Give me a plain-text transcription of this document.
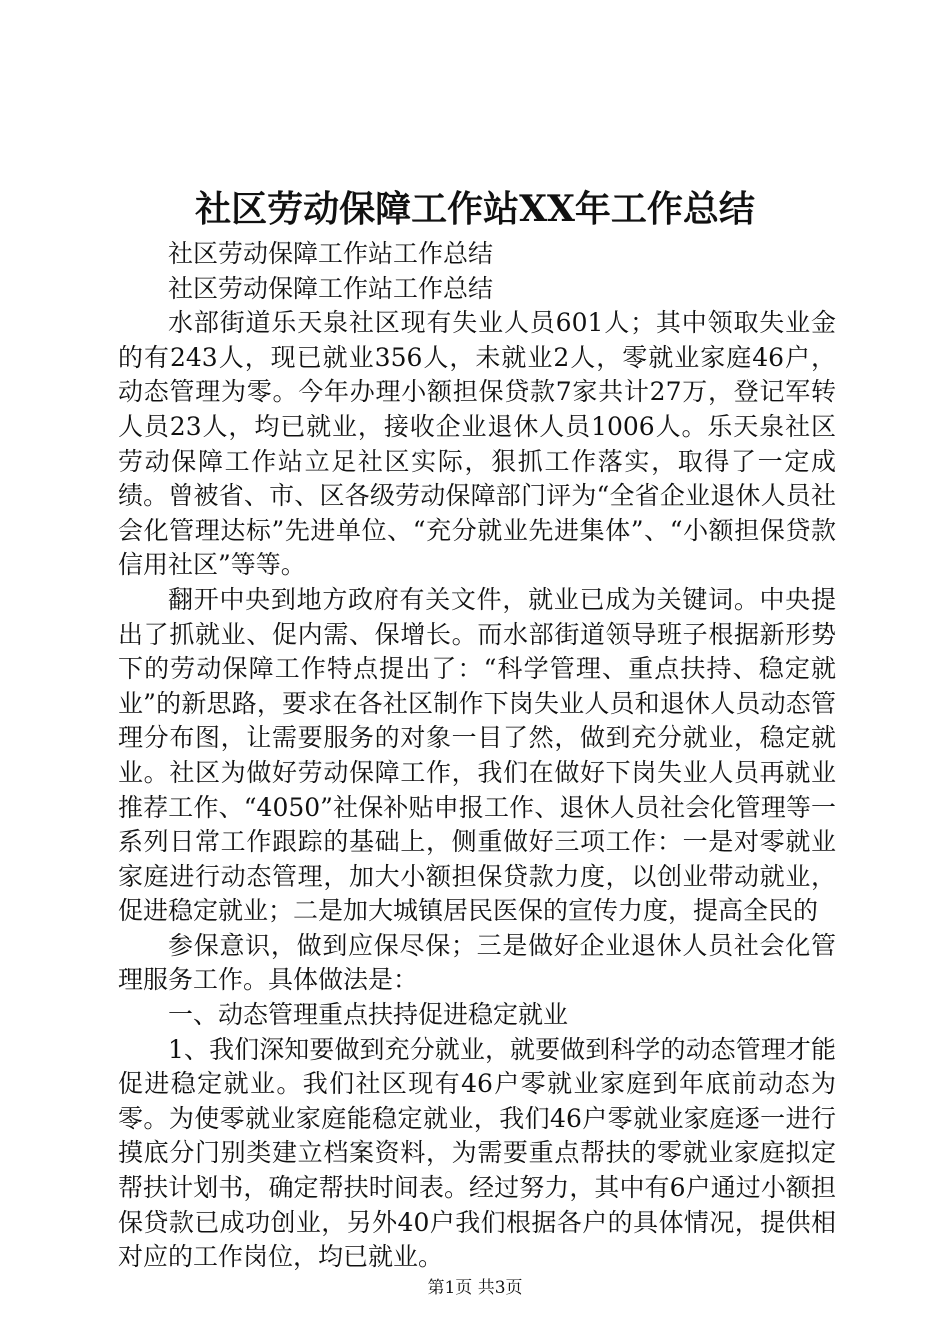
社区劳动保障工作站XX年工作总结

社区劳动保障工作站工作总结

社区劳动保障工作站工作总结

水部街道乐天泉社区现有失业人员601人；其中领取失业金的有243人，现已就业356人，未就业2人，零就业家庭46户，动态管理为零。今年办理小额担保贷款7家共计27万，登记军转人员23人，均已就业，接收企业退休人员1006人。乐天泉社区劳动保障工作站立足社区实际，狠抓工作落实，取得了一定成绩。曾被省、市、区各级劳动保障部门评为“全省企业退休人员社会化管理达标”先进单位、“充分就业先进集体”、“小额担保贷款信用社区”等等。

翻开中央到地方政府有关文件，就业已成为关键词。中央提出了抓就业、促内需、保增长。而水部街道领导班子根据新形势下的劳动保障工作特点提出了：“科学管理、重点扶持、稳定就业”的新思路，要求在各社区制作下岗失业人员和退休人员动态管理分布图，让需要服务的对象一目了然，做到充分就业，稳定就业。社区为做好劳动保障工作，我们在做好下岗失业人员再就业推荐工作、“4050”社保补贴申报工作、退休人员社会化管理等一系列日常工作跟踪的基础上，侧重做好三项工作：一是对零就业家庭进行动态管理，加大小额担保贷款力度，以创业带动就业，促进稳定就业；二是加大城镇居民医保的宣传力度，提高全民的

参保意识，做到应保尽保；三是做好企业退休人员社会化管理服务工作。具体做法是：

一、动态管理重点扶持促进稳定就业

1、我们深知要做到充分就业，就要做到科学的动态管理才能促进稳定就业。我们社区现有46户零就业家庭到年底前动态为零。为使零就业家庭能稳定就业，我们46户零就业家庭逐一进行摸底分门别类建立档案资料，为需要重点帮扶的零就业家庭拟定帮扶计划书，确定帮扶时间表。经过努力，其中有6户通过小额担保贷款已成功创业，另外40户我们根据各户的具体情况，提供相对应的工作岗位，均已就业。

第1页 共3页
